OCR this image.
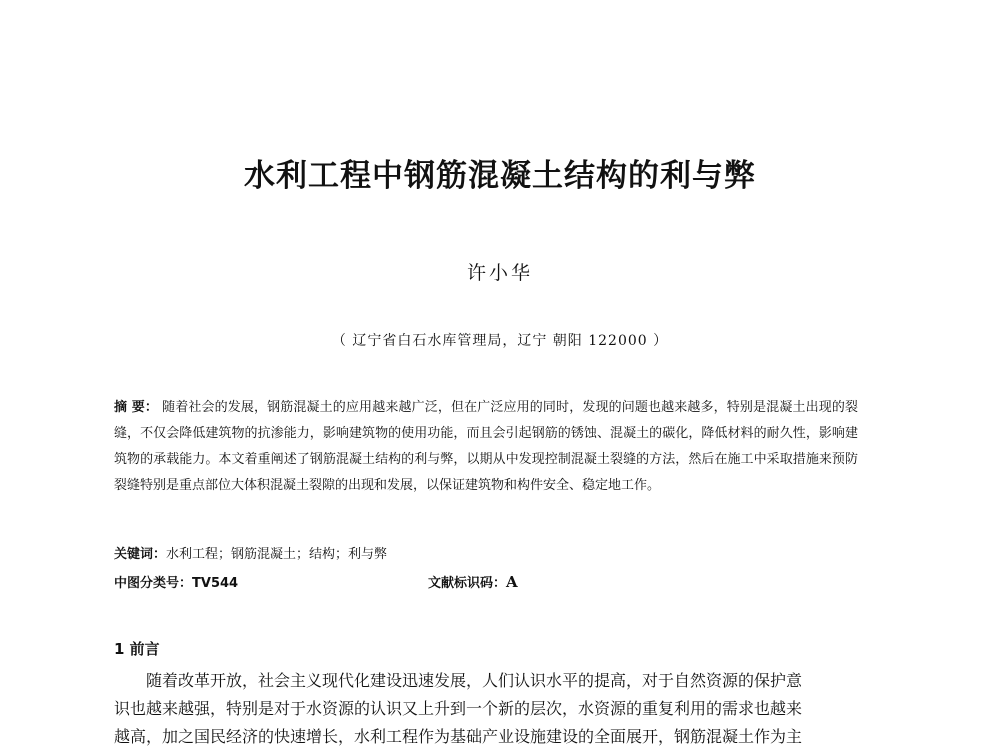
水利工程中钢筋混凝土结构的利与弊
许小华
（ 辽宁省白石水库管理局，辽宁 朝阳 122000 ）
摘 要： 随着社会的发展，钢筋混凝土的应用越来越广泛，但在广泛应用的同时，发现的问题也越来越多，特别是混凝土出现的裂缝，不仅会降低建筑物的抗渗能力，影响建筑物的使用功能，而且会引起钢筋的锈蚀、混凝土的碳化，降低材料的耐久性，影响建筑物的承载能力。本文着重阐述了钢筋混凝土结构的利与弊，以期从中发现控制混凝土裂缝的方法，然后在施工中采取措施来预防裂缝特别是重点部位大体积混凝土裂隙的出现和发展，以保证建筑物和构件安全、稳定地工作。
关键词：水利工程；钢筋混凝土；结构；利与弊
中图分类号：TV544	文献标识码：A
1 前言
随着改革开放，社会主义现代化建设迅速发展，人们认识水平的提高，对于自然资源的保护意
识也越来越强，特别是对于水资源的认识又上升到一个新的层次，水资源的重复利用的需求也越来
越高，加之国民经济的快速增长，水利工程作为基础产业设施建设的全面展开，钢筋混凝土作为主
